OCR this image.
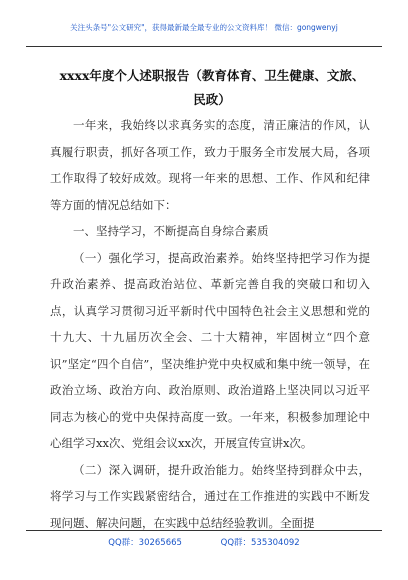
关注头条号"公文研究"，获得最新最全最专业的公文资料库！ 微信：gongwenyj
xxxx年度个人述职报告（教育体育、卫生健康、文旅、民政）

一年来，我始终以求真务实的态度，清正廉洁的作风，认真履行职责，抓好各项工作，致力于服务全市发展大局，各项工作取得了较好成效。现将一年来的思想、工作、作风和纪律等方面的情况总结如下：

一、坚持学习，不断提高自身综合素质

（一）强化学习，提高政治素养。始终坚持把学习作为提升政治素养、提高政治站位、革新完善自我的突破口和切入点，认真学习贯彻习近平新时代中国特色社会主义思想和党的十九大、十九届历次全会、二十大精神，牢固树立“四个意识”坚定“四个自信”，坚决维护党中央权威和集中统一领导，在政治立场、政治方向、政治原则、政治道路上坚决同以习近平同志为核心的党中央保持高度一致。一年来，积极参加理论中心组学习xx次、党组会议xx次，开展宣传宣讲x次。

（二）深入调研，提升政治能力。始终坚持到群众中去，将学习与工作实践紧密结合，通过在工作推进的实践中不断发现问题、解决问题，在实践中总结经验教训。全面提

QQ群：30265665	QQ群：535304092
